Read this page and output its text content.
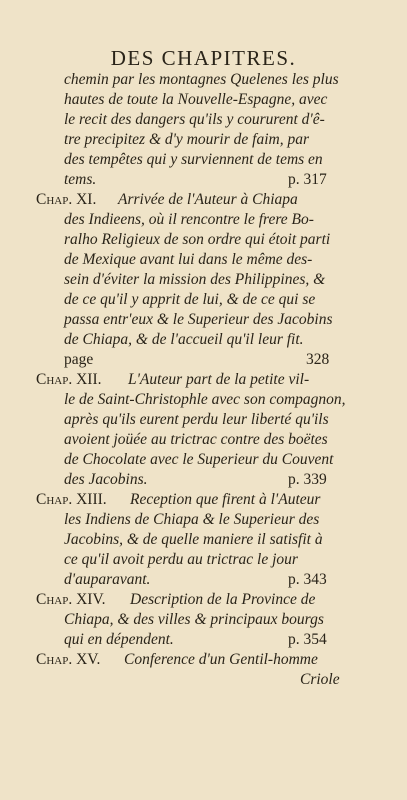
DES CHAPITRES.
chemin par les montagnes Quelenes les plus
hautes de toute la Nouvelle-Espagne, avec
le recit des dangers qu'ils y coururent d'ê-
tre precipitez & d'y mourir de faim, par
des tempêtes qui y surviennent de tems en
tems.	p. 317
Chap. XI. Arrivée de l'Auteur à Chiapa
des Indieens, où il rencontre le frere Bo-
ralho Religieux de son ordre qui étoit parti
de Mexique avant lui dans le même des-
sein d'éviter la mission des Philippines, &
de ce qu'il y apprit de lui, & de ce qui se
passa entr'eux & le Superieur des Jacobins
de Chiapa, & de l'accueil qu'il leur fit.
page	328
Chap. XII. L'Auteur part de la petite vil-
le de Saint-Christophle avec son compagnon,
après qu'ils eurent perdu leur liberté qu'ils
avoient joüée au trictrac contre des boëtes
de Chocolate avec le Superieur du Couvent
des Jacobins.	p. 339
Chap. XIII. Reception que firent à l'Auteur
les Indiens de Chiapa & le Superieur des
Jacobins, & de quelle maniere il satisfit à
ce qu'il avoit perdu au trictrac le jour
d'auparavant.	p. 343
Chap. XIV. Description de la Province de
Chiapa, & des villes & principaux bourgs
qui en dépendent.	p. 354
Chap. XV. Conference d'un Gentil-homme
Criole
